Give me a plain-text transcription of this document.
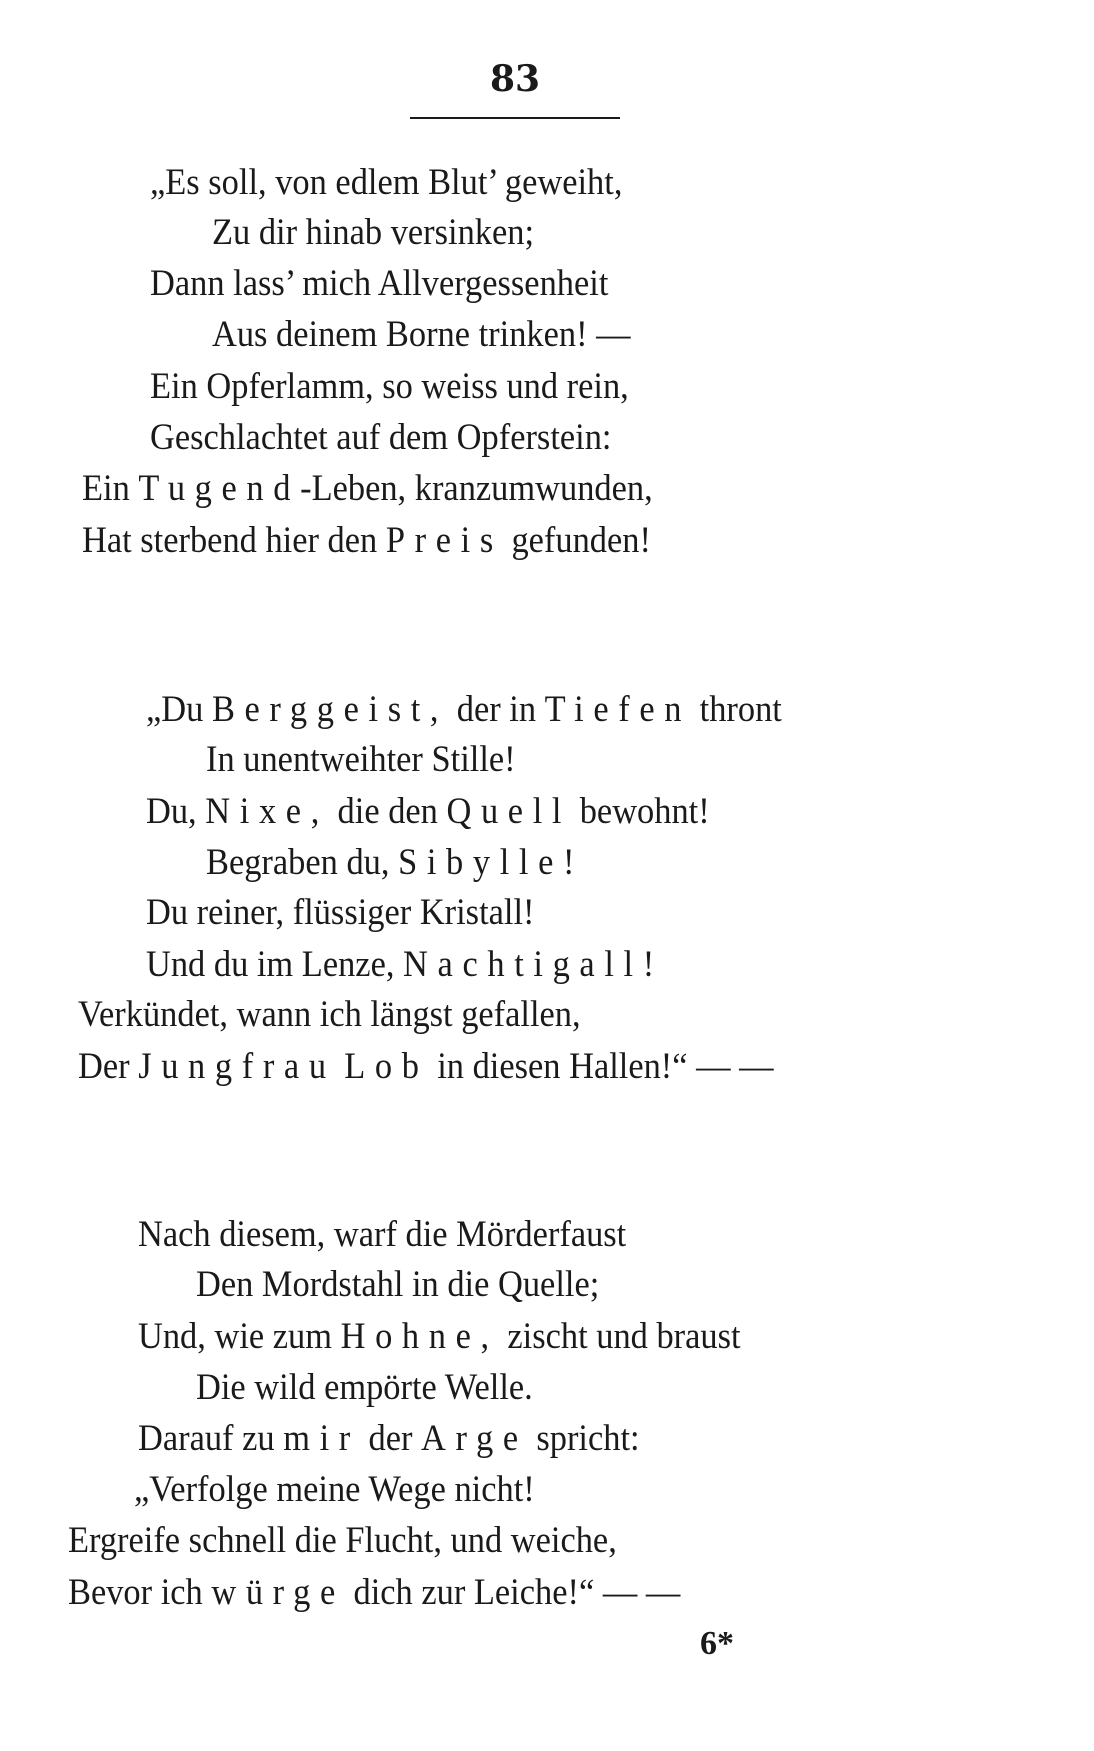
83
„Es soll, von edlem Blut’ geweiht,
Zu dir hinab versinken;
Dann lass’ mich Allvergessenheit
Aus deinem Borne trinken! —
Ein Opferlamm, so weiss und rein,
Geschlachtet auf dem Opferstein:
Ein Tugend-Leben, kranzumwunden,
Hat sterbend hier den Preis gefunden!
„Du Berggeist, der in Tiefen thront
In unentweihter Stille!
Du, Nixe, die den Quell bewohnt!
Begraben du, Sibylle!
Du reiner, flüssiger Kristall!
Und du im Lenze, Nachtigall!
Verkündet, wann ich längst gefallen,
Der Jungfrau Lob in diesen Hallen!“ — —
Nach diesem, warf die Mörderfaust
Den Mordstahl in die Quelle;
Und, wie zum Hohne, zischt und braust
Die wild empörte Welle.
Darauf zu mir der Arge spricht:
„Verfolge meine Wege nicht!
Ergreife schnell die Flucht, und weiche,
Bevor ich würge dich zur Leiche!“ — —
6*
